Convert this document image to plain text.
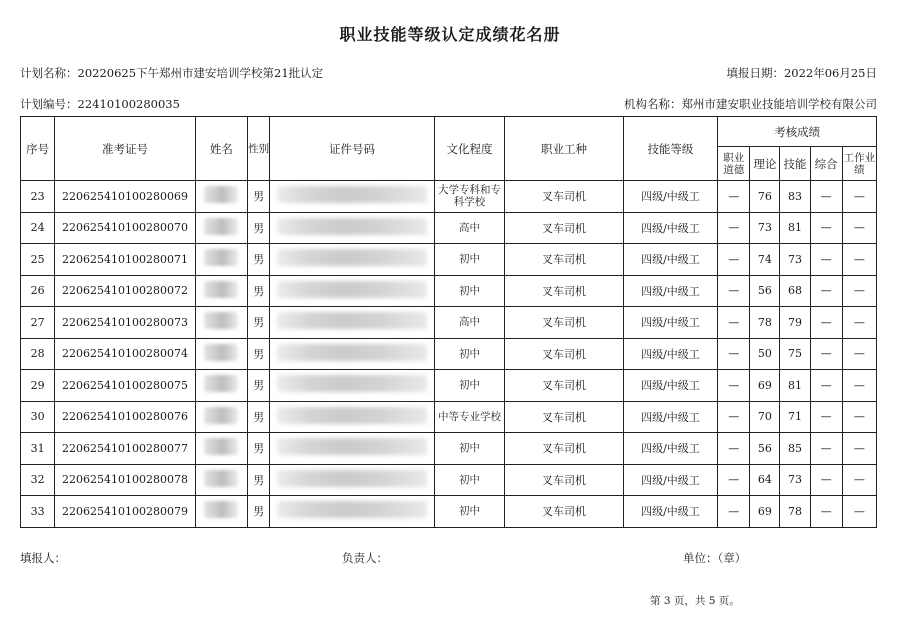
职业技能等级认定成绩花名册
计划名称：20220625下午郑州市建安培训学校第21批认定	填报日期：2022年06月25日
计划编号：22410100280035	机构名称：郑州市建安职业技能培训学校有限公司
序号	准考证号	姓名	性别	证件号码	文化程度	职业工种	技能等级	考核成绩				

								职业道德	理论	技能	综合	工作业绩

23	220625410100280069		男		大学专科和专科学校	叉车司机	四级/中级工	—	76	83	—	—
24	220625410100280070		男		高中	叉车司机	四级/中级工	—	73	81	—	—
25	220625410100280071		男		初中	叉车司机	四级/中级工	—	74	73	—	—
26	220625410100280072		男		初中	叉车司机	四级/中级工	—	56	68	—	—
27	220625410100280073		男		高中	叉车司机	四级/中级工	—	78	79	—	—
28	220625410100280074		男		初中	叉车司机	四级/中级工	—	50	75	—	—
29	220625410100280075		男		初中	叉车司机	四级/中级工	—	69	81	—	—
30	220625410100280076		男		中等专业学校	叉车司机	四级/中级工	—	70	71	—	—
31	220625410100280077		男		初中	叉车司机	四级/中级工	—	56	85	—	—
32	220625410100280078		男		初中	叉车司机	四级/中级工	—	64	73	—	—
33	220625410100280079		男		初中	叉车司机	四级/中级工	—	69	78	—	—
填报人：	负责人：	单位：（章）
第 3 页，共 5 页。
